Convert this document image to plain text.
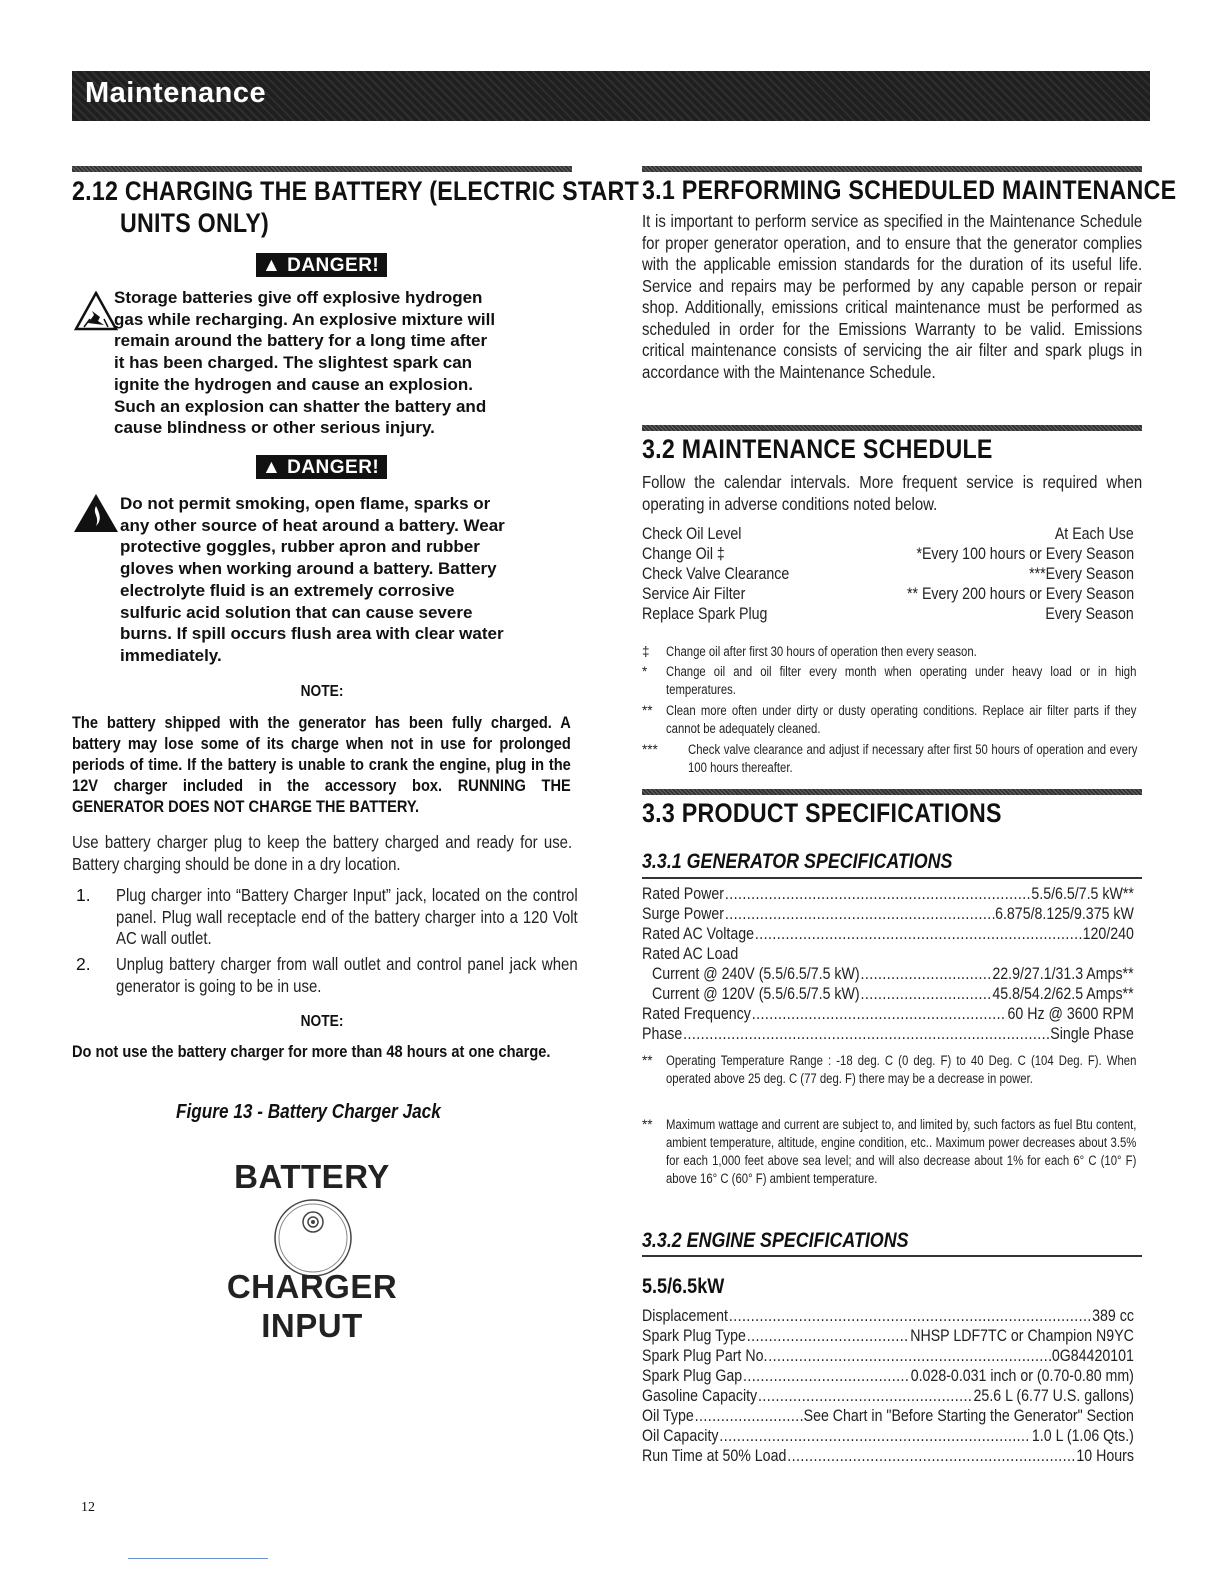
Maintenance
2.12 CHARGING THE BATTERY (ELECTRIC START
UNITS ONLY)
▲ DANGER!
Storage batteries give off explosive hydrogen
gas while recharging. An explosive mixture will
remain around the battery for a long time after
it has been charged. The slightest spark can
ignite the hydrogen and cause an explosion.
Such an explosion can shatter the battery and
cause blindness or other serious injury.
▲ DANGER!
Do not permit smoking, open flame, sparks or
any other source of heat around a battery. Wear
protective goggles, rubber apron and rubber
gloves when working around a battery. Battery
electrolyte fluid is an extremely corrosive
sulfuric acid solution that can cause severe
burns. If spill occurs flush area with clear water
immediately.
NOTE:
The battery shipped with the generator has been fully charged. A battery may lose some of its charge when not in use for prolonged periods of time. If the battery is unable to crank the engine, plug in the 12V charger included in the accessory box. RUNNING THE GENERATOR DOES NOT CHARGE THE BATTERY.
Use battery charger plug to keep the battery charged and ready for use. Battery charging should be done in a dry location.
1. Plug charger into “Battery Charger Input” jack, located on the control panel. Plug wall receptacle end of the battery charger into a 120 Volt AC wall outlet.
2. Unplug battery charger from wall outlet and control panel jack when generator is going to be in use.
NOTE:
Do not use the battery charger for more than 48 hours at one charge.
Figure 13 - Battery Charger Jack
BATTERY
CHARGER
INPUT
3.1 PERFORMING SCHEDULED MAINTENANCE
It is important to perform service as specified in the Maintenance Schedule for proper generator operation, and to ensure that the generator complies with the applicable emission standards for the duration of its useful life. Service and repairs may be performed by any capable person or repair shop. Additionally, emissions critical maintenance must be performed as scheduled in order for the Emissions Warranty to be valid. Emissions critical maintenance consists of servicing the air filter and spark plugs in accordance with the Maintenance Schedule.
3.2 MAINTENANCE SCHEDULE
Follow the calendar intervals. More frequent service is required when operating in adverse conditions noted below.
Check Oil Level	At Each Use
Change Oil ‡	*Every 100 hours or Every Season
Check Valve Clearance	***Every Season
Service Air Filter	** Every 200 hours or Every Season
Replace Spark Plug	Every Season
‡ Change oil after first 30 hours of operation then every season.
* Change oil and oil filter every month when operating under heavy load or in high temperatures.
** Clean more often under dirty or dusty operating conditions. Replace air filter parts if they cannot be adequately cleaned.
*** Check valve clearance and adjust if necessary after first 50 hours of operation and every 100 hours thereafter.
3.3 PRODUCT SPECIFICATIONS
3.3.1 GENERATOR SPECIFICATIONS
Rated Power .....	5.5/6.5/7.5 kW**
Surge Power .....	6.875/8.125/9.375 kW
Rated AC Voltage .....	120/240
Rated AC Load
Current @ 240V (5.5/6.5/7.5 kW) .....	22.9/27.1/31.3 Amps**
Current @ 120V (5.5/6.5/7.5 kW) .....	45.8/54.2/62.5 Amps**
Rated Frequency .....	60 Hz @ 3600 RPM
Phase .....	Single Phase
** Operating Temperature Range : -18 deg. C (0 deg. F) to 40 Deg. C (104 Deg. F). When operated above 25 deg. C (77 deg. F) there may be a decrease in power.
** Maximum wattage and current are subject to, and limited by, such factors as fuel Btu content, ambient temperature, altitude, engine condition, etc.. Maximum power decreases about 3.5% for each 1,000 feet above sea level; and will also decrease about 1% for each 6° C (10° F) above 16° C (60° F) ambient temperature.
3.3.2 ENGINE SPECIFICATIONS
5.5/6.5kW
Displacement .....	389 cc
Spark Plug Type .....	NHSP LDF7TC or Champion N9YC
Spark Plug Part No. .....	0G84420101
Spark Plug Gap .....	0.028-0.031 inch or (0.70-0.80 mm)
Gasoline Capacity .....	25.6 L (6.77 U.S. gallons)
Oil Type .....	See Chart in "Before Starting the Generator" Section
Oil Capacity .....	1.0 L (1.06 Qts.)
Run Time at 50% Load .....	10 Hours
12
